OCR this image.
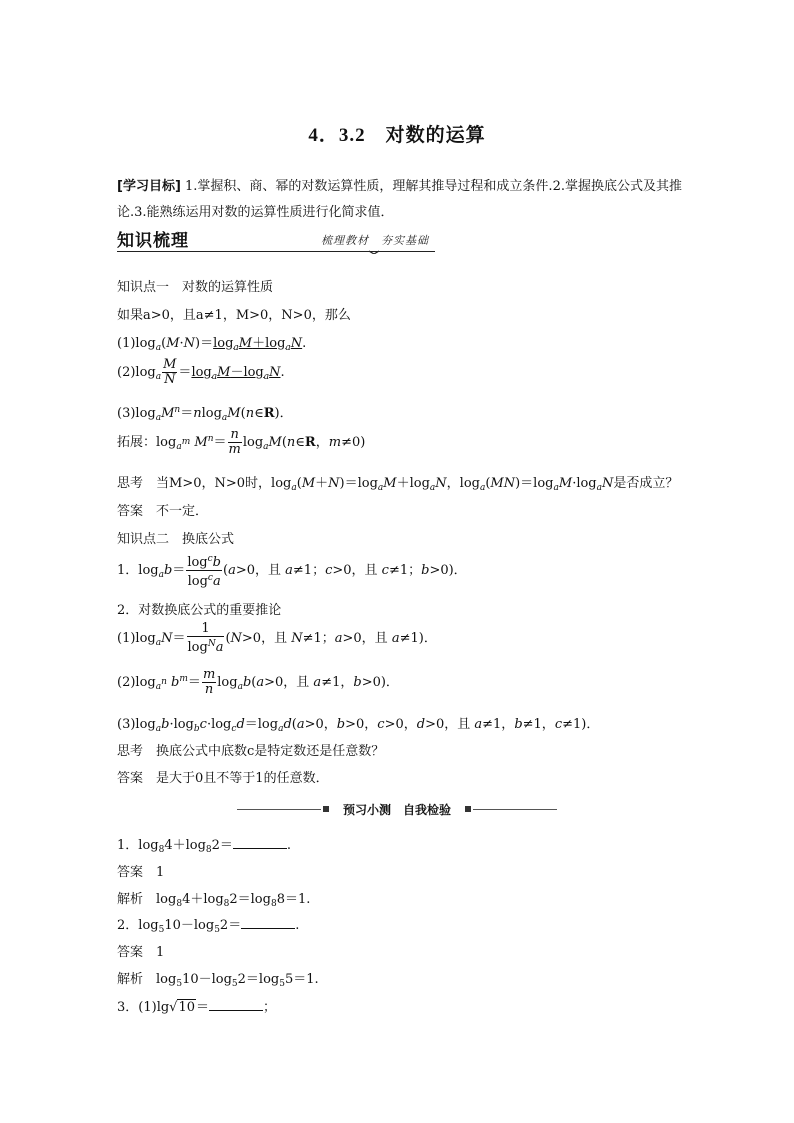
4．3.2　 对数的运算
[学习目标] 1.掌握积、商、幂的对数运算性质，理解其推导过程和成立条件.2.掌握换底公式及其推论.3.能熟练运用对数的运算性质进行化简求值．
知识梳理	梳理教材　夯实基础
知识点一　对数的运算性质
如果a>0，且a≠1，M>0，N>0，那么
$(1)\log_a(M\cdot N)=\log_aM+\log_aN$.
$(2)\log_a \frac{M}{N} =\log_aM-\log_aN$.
$(3)\log_aM^n=nlog_aM(n\in R)$．
拓展：$\log_{a^m} M^n= \frac{n}{m}$ $\log_aM(n\in R$，m≠0)
思考　 当M>0，N>0时，$\log_a(M+N)=\log_aM+\log_aN$，$\log_a(MN)=\log_aM\cdot\log_aN$是否成立？
答案　 不一定．
知识点二　换底公式
1．$\log_ab= \frac{\log^cb}{\log^ca} (a>0$，且 a≠1；c>0，且 c≠1；b>0)．
2．对数换底公式的重要推论
$(1)\log_aN= \frac{1}{\log^Na} (N>0$，且 N≠1；a>0，且 a≠1)．
$(2)\log_{a^n}$ $b^m= \frac{m}{n} \log_ab(a>0$，且 a≠1，b>0)．
$(3)\log_ab\cdot\log_bc\cdot\log_cd=\log_ad(a>0$，b>0，c>0，d>0，且 a≠1，b≠1，c≠1)．
思考　 换底公式中底数c是特定数还是任意数？
答案　 是大于0且不等于1的任意数．
预习小测　自我检验
1．$\log_84+\log_82=$	.
答案　 1
解析　$\log_84+\log_82=\log_88=1$.
2．$\log_510-\log_52=$	.
答案　 1
解析　$\log_510-\log_52=\log_55=1$.
3．(1)lg√10＝	；
